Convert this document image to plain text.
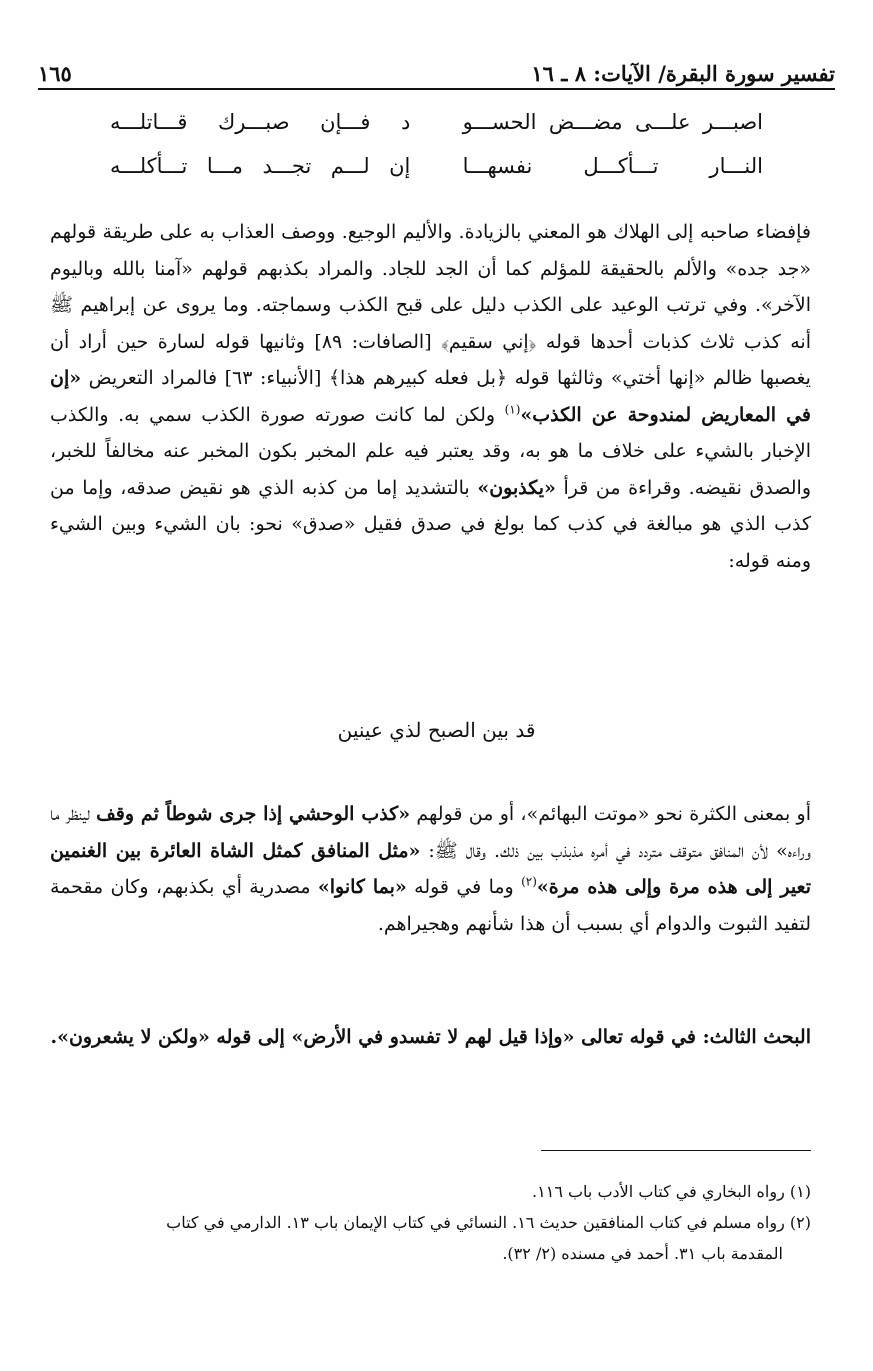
تفسير سورة البقرة/ الآيات: ٨ ـ ١٦
١٦٥
اصبـــر علـــى مضـــض الحســـو
د فـــإن صبـــرك قـــاتلـــه
النـــار تـــأكـــل نفسهـــا
إن لـــم تجـــد مـــا تـــأكلـــه

فإفضاء صاحبه إلى الهلاك هو المعني بالزيادة. والأليم الوجيع. ووصف العذاب به على طريقة قولهم «جد جده» والألم بالحقيقة للمؤلم كما أن الجد للجاد. والمراد بكذبهم قولهم «آمنا بالله وباليوم الآخر». وفي ترتب الوعيد على الكذب دليل على قبح الكذب وسماجته. وما يروى عن إبراهيم ﷺ أنه كذب ثلاث كذبات أحدها قوله ﴿إني سقيم﴾ [الصافات: ٨٩] وثانيها قوله لسارة حين أراد أن يغصبها ظالم «إنها أختي» وثالثها قوله ﴿بل فعله كبيرهم هذا﴾ [الأنبياء: ٦٣] فالمراد التعريض «إن في المعاريض لمندوحة عن الكذب»$^{(١)}$ ولكن لما كانت صورته صورة الكذب سمي به. والكذب الإخبار بالشيء على خلاف ما هو به، وقد يعتبر فيه علم المخبر بكون المخبر عنه مخالفاً للخبر، والصدق نقيضه. وقراءة من قرأ «يكذبون» بالتشديد إما من كذبه الذي هو نقيض صدقه، وإما من كذب الذي هو مبالغة في كذب كما بولغ في صدق فقيل «صدق» نحو: بان الشيء وبين الشيء ومنه قوله:

قد بين الصبح لذي عينين

أو بمعنى الكثرة نحو «موتت البهائم»، أو من قولهم «كذب الوحشي إذا جرى شوطاً ثم وقف لينظر ما وراءه» لأن المنافق متوقف متردد في أمره مذبذب بين ذلك. وقال ﷺ: «مثل المنافق كمثل الشاة العائرة بين الغنمين تعير إلى هذه مرة وإلى هذه مرة»$^{(٢)}$ وما في قوله «بما كانوا» مصدرية أي بكذبهم، وكان مقحمة لتفيد الثبوت والدوام أي بسبب أن هذا شأنهم وهجيراهم.

البحث الثالث: في قوله تعالى «وإذا قيل لهم لا تفسدو في الأرض» إلى قوله «ولكن لا يشعرون».

(١) رواه البخاري في كتاب الأدب باب ١١٦.

(٢) رواه مسلم في كتاب المنافقين حديث ١٦. النسائي في كتاب الإيمان باب ١٣. الدارمي في كتاب

المقدمة باب ٣١. أحمد في مسنده (٢/ ٣٢).
